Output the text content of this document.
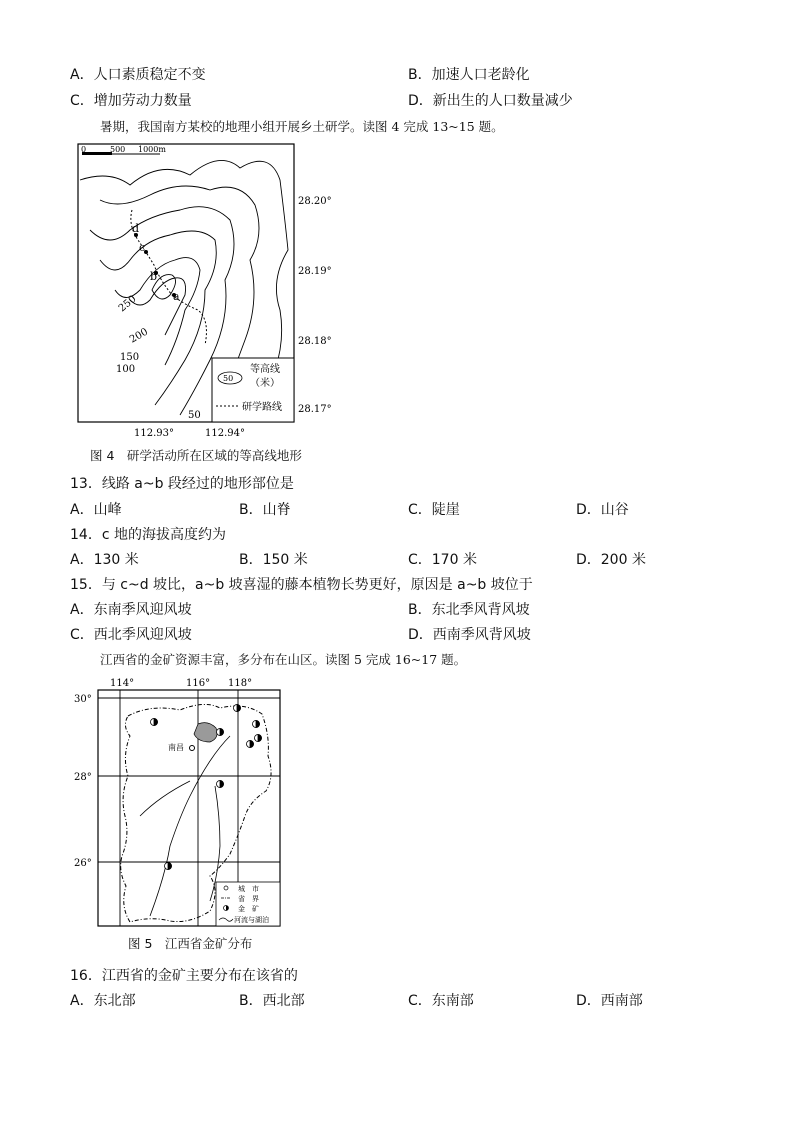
A．人口素质稳定不变	B．加速人口老龄化
C．增加劳动力数量	D．新出生的人口数量减少
暑期，我国南方某校的地理小组开展乡土研学。读图 4 完成 13~15 题。
0	500 1000m
d
c
b
a
250
200
150
100
50
50
等高线
（米）
研学路线
28.20°
28.19°
28.18°
28.17°
112.93°	112.94°
图 4　研学活动所在区域的等高线地形
13．线路 a~b 段经过的地形部位是
A．山峰	B．山脊	C．陡崖	D．山谷
14．c 地的海拔高度约为
A．130 米	B．150 米	C．170 米	D．200 米
15．与 c~d 坡比，a~b 坡喜湿的藤本植物长势更好，原因是 a~b 坡位于
A．东南季风迎风坡	B．东北季风背风坡
C．西北季风迎风坡	D．西南季风背风坡
江西省的金矿资源丰富，多分布在山区。读图 5 完成 16~17 题。
南昌
城　市
省　界
金　矿
河流与湖泊
114°	116° 118°
30°
28°
26°
图 5　江西省金矿分布
16．江西省的金矿主要分布在该省的
A．东北部	B．西北部	C．东南部	D．西南部
